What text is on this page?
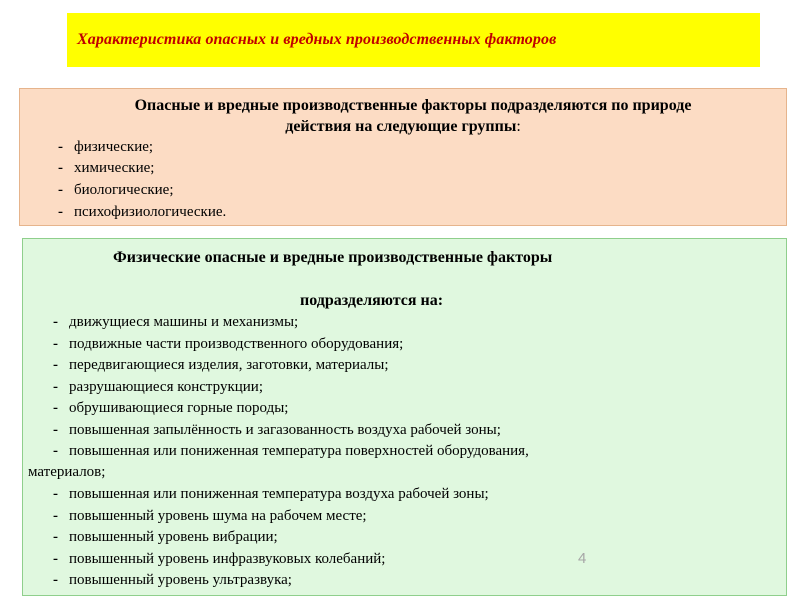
Характеристика опасных и вредных производственных факторов
Опасные и вредные производственные факторы подразделяются по природе
действия на следующие группы:
- физические;
- химические;
- биологические;
- психофизиологические.
Физические опасные и вредные производственные факторы
подразделяются на:
- движущиеся машины и механизмы;
- подвижные части производственного оборудования;
- передвигающиеся изделия, заготовки, материалы;
- разрушающиеся конструкции;
- обрушивающиеся горные породы;
- повышенная запылённость и загазованность воздуха рабочей зоны;
- повышенная или пониженная температура поверхностей оборудования,
материалов;
- повышенная или пониженная температура воздуха рабочей зоны;
- повышенный уровень шума на рабочем месте;
- повышенный уровень вибрации;
- повышенный уровень инфразвуковых колебаний;
- повышенный уровень ультразвука;
4
